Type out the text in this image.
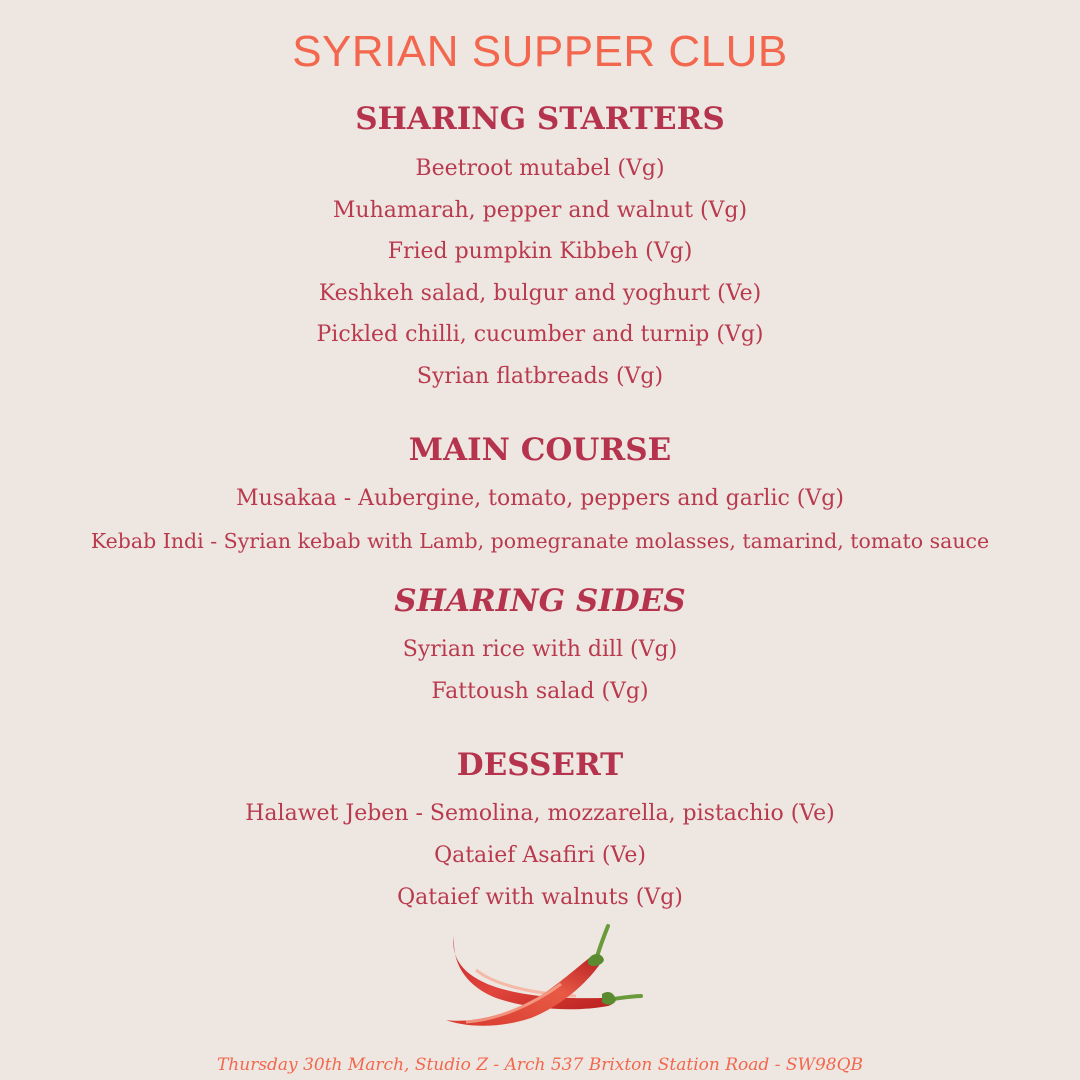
SYRIAN SUPPER CLUB
SHARING STARTERS
Beetroot mutabel (Vg)
Muhamarah, pepper and walnut (Vg)
Fried pumpkin Kibbeh (Vg)
Keshkeh salad, bulgur and yoghurt (Ve)
Pickled chilli, cucumber and turnip (Vg)
Syrian flatbreads (Vg)
MAIN COURSE
Musakaa - Aubergine, tomato, peppers and garlic (Vg)
Kebab Indi - Syrian kebab with Lamb, pomegranate molasses, tamarind, tomato sauce
SHARING SIDES
Syrian rice with dill (Vg)
Fattoush salad (Vg)
DESSERT
Halawet Jeben - Semolina, mozzarella, pistachio (Ve)
Qataief Asafiri (Ve)
Qataief with walnuts (Vg)
Thursday 30th March, Studio Z - Arch 537 Brixton Station Road - SW98QB
